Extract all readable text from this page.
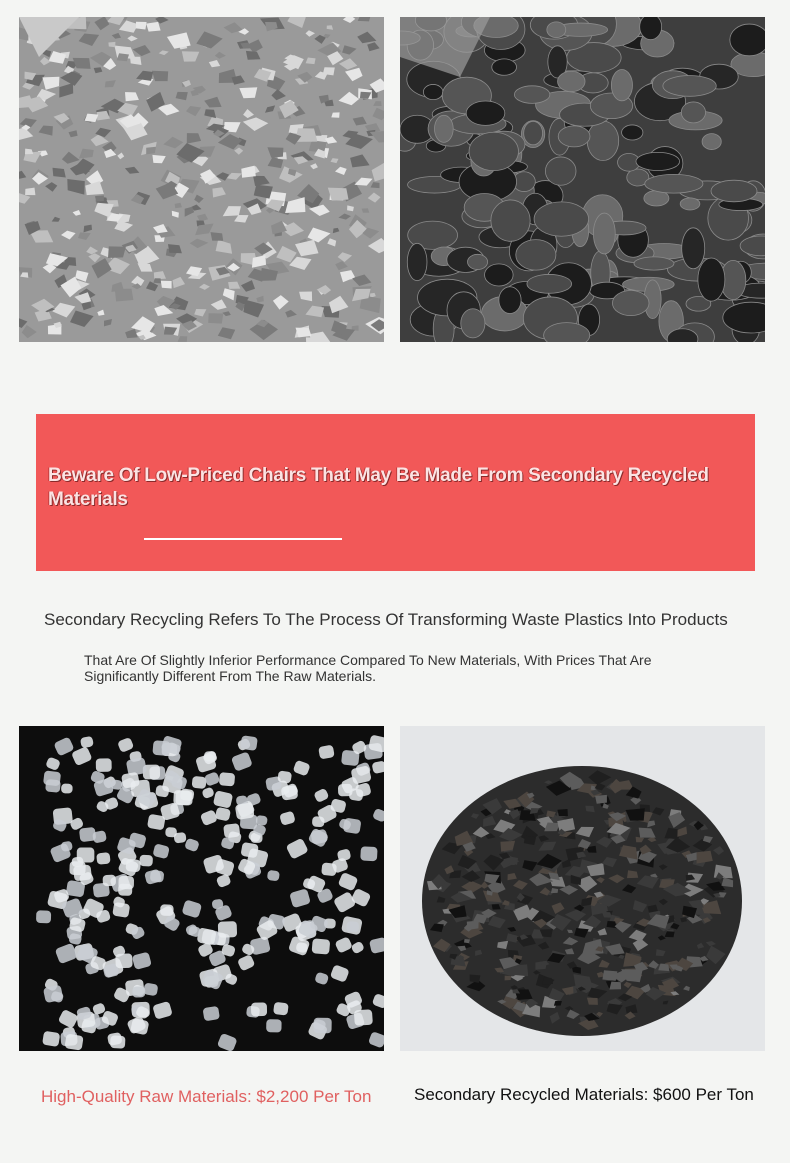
Beware Of Low-Priced Chairs That May Be Made From Secondary Recycled Materials
Secondary Recycling Refers To The Process Of Transforming Waste Plastics Into Products
That Are Of Slightly Inferior Performance Compared To New Materials, With Prices That Are Significantly Different From The Raw Materials.
High-Quality Raw Materials: $2,200 Per Ton	Secondary Recycled Materials: $600 Per Ton
